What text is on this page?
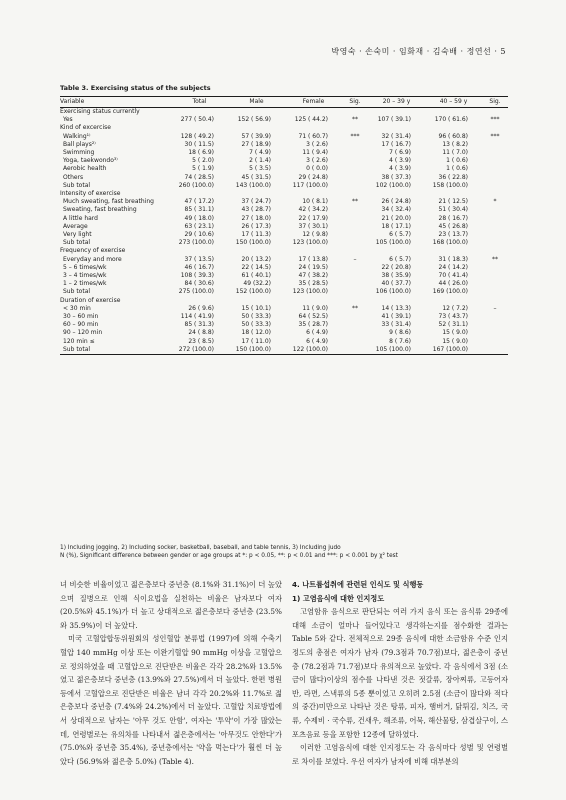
박영숙 · 손숙미 · 임화재 · 김숙배 · 정연선 · 5
Table 3. Exercising status of the subjects
Variable	Total	Male	Female	Sig.	20 – 39 y	40 – 59 y	Sig.
Exercising status currently							
Yes	277 ( 50.4)	152 ( 56.9)	125 ( 44.2)	**	107 ( 39.1)	170 ( 61.6)	***
Kind of excercise							
Walking¹⁾	128 ( 49.2)	57 ( 39.9)	71 ( 60.7)	***	32 ( 31.4)	96 ( 60.8)	***
Ball plays²⁾	30 ( 11.5)	27 ( 18.9)	3 ( 2.6)		17 ( 16.7)	13 ( 8.2)	
Swimming	18 ( 6.9)	7 ( 4.9)	11 ( 9.4)		7 ( 6.9)	11 ( 7.0)	
Yoga, taekwondo³⁾	5 ( 2.0)	2 ( 1.4)	3 ( 2.6)		4 ( 3.9)	1 ( 0.6)	
Aerobic health	5 ( 1.9)	5 ( 3.5)	0 ( 0.0)		4 ( 3.9)	1 ( 0.6)	
Others	74 ( 28.5)	45 ( 31.5)	29 ( 24.8)		38 ( 37.3)	36 ( 22.8)	
Sub total	260 (100.0)	143 (100.0)	117 (100.0)		102 (100.0)	158 (100.0)	
Intensity of exercise							
Much sweating, fast breathing	47 ( 17.2)	37 ( 24.7)	10 ( 8.1)	**	26 ( 24.8)	21 ( 12.5)	*
Sweating, fast breathing	85 ( 31.1)	43 ( 28.7)	42 ( 34.2)		34 ( 32.4)	51 ( 30.4)	
A little hard	49 ( 18.0)	27 ( 18.0)	22 ( 17.9)		21 ( 20.0)	28 ( 16.7)	
Average	63 ( 23.1)	26 ( 17.3)	37 ( 30.1)		18 ( 17.1)	45 ( 26.8)	
Very light	29 ( 10.6)	17 ( 11.3)	12 ( 9.8)		6 ( 5.7)	23 ( 13.7)	
Sub total	273 (100.0)	150 (100.0)	123 (100.0)		105 (100.0)	168 (100.0)	
Frequency of exercise							
Everyday and more	37 ( 13.5)	20 ( 13.2)	17 ( 13.8)	–	6 ( 5.7)	31 ( 18.3)	**
5 – 6 times/wk	46 ( 16.7)	22 ( 14.5)	24 ( 19.5)		22 ( 20.8)	24 ( 14.2)	
3 – 4 times/wk	108 ( 39.3)	61 ( 40.1)	47 ( 38.2)		38 ( 35.9)	70 ( 41.4)	
1 – 2 times/wk	84 ( 30.6)	49 (32.2)	35 ( 28.5)		40 ( 37.7)	44 ( 26.0)	
Sub total	275 (100.0)	152 (100.0)	123 (100.0)		106 (100.0)	169 (100.0)	
Duration of exercise							
< 30 min	26 ( 9.6)	15 ( 10.1)	11 ( 9.0)	**	14 ( 13.3)	12 ( 7.2)	–
30 – 60 min	114 ( 41.9)	50 ( 33.3)	64 ( 52.5)		41 ( 39.1)	73 ( 43.7)	
60 – 90 min	85 ( 31.3)	50 ( 33.3)	35 ( 28.7)		33 ( 31.4)	52 ( 31.1)	
90 – 120 min	24 ( 8.8)	18 ( 12.0)	6 ( 4.9)		9 ( 8.6)	15 ( 9.0)	
120 min ≤	23 ( 8.5)	17 ( 11.0)	6 ( 4.9)		8 ( 7.6)	15 ( 9.0)	
Sub total	272 (100.0)	150 (100.0)	122 (100.0)		105 (100.0)	167 (100.0)	
1) Including jogging, 2) Including socker, basketball, baseball, and table tennis, 3) Including judo
N (%), Significant difference between gender or age groups at *: p < 0.05, **: p < 0.01 and ***: p < 0.001 by χ² test

녀 비슷한 비율이었고 젊은층보다 중년층 (8.1%와 31.1%)이 더 높았으며 질병으로 인해 식이요법을 실천하는 비율은 남자보다 여자 (20.5%와 45.1%)가 더 높고 상대적으로 젊은층보다 중년층 (23.5%와 35.9%)이 더 높았다.

미국 고혈압합동위원회의 성인혈압 분류법 (1997)에 의해 수축기혈압 140 mmHg 이상 또는 이완기혈압 90 mmHg 이상을 고혈압으로 정의하였을 때 고혈압으로 진단받은 비율은 각각 28.2%와 13.5%였고 젊은층보다 중년층 (13.9%와 27.5%)에서 더 높았다. 한편 병원 등에서 고혈압으로 진단받은 비율은 남녀 각각 20.2%와 11.7%로 젊은층보다 중년층 (7.4%와 24.2%)에서 더 높았다. 고혈압 치료방법에서 상대적으로 남자는 '아무 것도 안함', 여자는 '투약'이 가장 많았는데, 연령별로는 유의차를 나타내서 젊은층에서는 '아무것도 안한다'가 (75.0%와 중년층 35.4%), 중년층에서는 '약을 먹는다'가 훨씬 더 높았다 (56.9%와 젊은층 5.0%) (Table 4).

4. 나트륨섭취에 관련된 인식도 및 식행동
1) 고염음식에 대한 인지정도

고염함유 음식으로 판단되는 여러 가지 음식 또는 음식류 29종에 대해 소금이 얼마나 들어있다고 생각하는지를 점수화한 결과는 Table 5와 같다. 전체적으로 29종 음식에 대한 소금함유 수준 인지정도의 총점은 여자가 남자 (79.3점과 70.7점)보다, 젊은층이 중년층 (78.2점과 71.7점)보다 유의적으로 높았다. 각 음식에서 3점 (소금이 많다)이상의 점수를 나타낸 것은 젓갈류, 장아찌류, 고등어자반, 라면, 스낵류의 5종 뿐이었고 오히려 2.5점 (소금이 많다와 적다의 중간)미만으로 나타난 것은 탕류, 피자, 햄버거, 닭튀김, 치즈, 국류, 수제비 · 국수류, 건새우, 해조류, 어묵, 해산물탕, 삼겹살구이, 스포츠음료 등을 포함한 12종에 달하였다.

이러한 고염음식에 대한 인지정도는 각 음식마다 성별 및 연령별로 차이를 보였다. 우선 여자가 남자에 비해 대부분의
